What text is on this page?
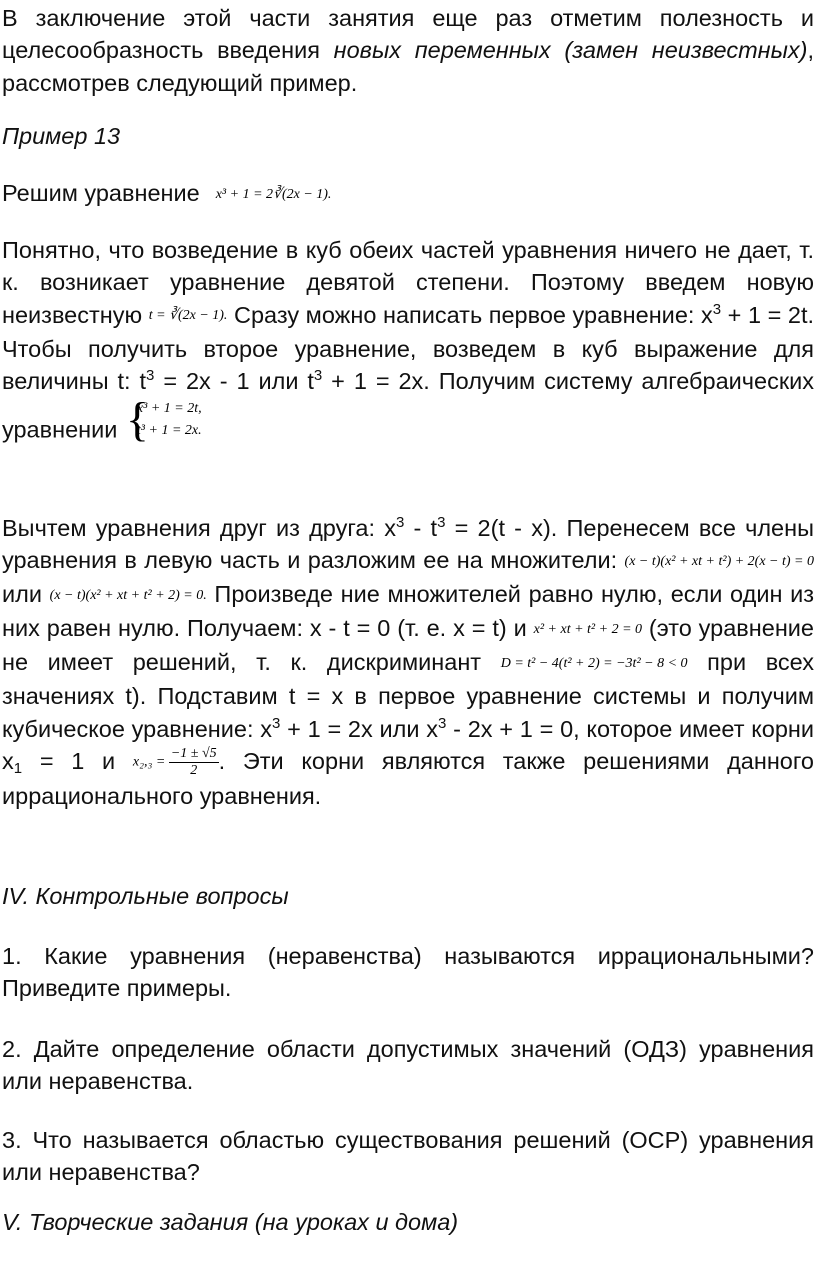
В заключение этой части занятия еще раз отметим полезность и целесообразность введения новых переменных (замен неизвестных), рассмотрев следующий пример.

Пример 13

Решим уравнение x³ + 1 = 2∛(2x − 1).

Понятно, что возведение в куб обеих частей уравнения ничего не дает, т. к. возникает уравнение девятой степени. Поэтому введем новую неизвестную t = ∛(2x − 1). Сразу можно написать первое уравнение: $x^3 + 1 = 2t$. Чтобы получить второе уравнение, возведем в куб выражение для величины t: $t^3 = 2x - 1$ или $t^3 + 1 = 2x$. Получим систему алгебраических уравнении {
x³ + 1 = 2t,
t³ + 1 = 2x.

Вычтем уравнения друг из друга: $x^3 - t^3 = 2(t - x)$. Перенесем все члены уравнения в левую часть и разложим ее на множители: (x − t)(x² + xt + t²) + 2(x − t) = 0 или (x − t)(x² + xt + t² + 2) = 0. Произведе ние множителей равно нулю, если один из них равен нулю. Получаем: x - t = 0 (т. е. x = t) и x² + xt + t² + 2 = 0 (это уравнение не имеет решений, т. к. дискриминант D = t² − 4(t² + 2) = −3t² − 8 < 0 при всех значениях t). Подставим t = x в первое уравнение системы и получим кубическое уравнение: $x^3 + 1 = 2x$ или $x^3 - 2x + 1 = 0$, которое имеет корни $x_1 = 1$ и $x_2,_3 = \frac{-1 \pm √5}{2}$ . Эти корни являются также решениями данного иррационального уравнения.

IV. Контрольные вопросы

1. Какие уравнения (неравенства) называются иррациональными? Приведите примеры.

2. Дайте определение области допустимых значений (ОДЗ) уравнения или неравенства.

3. Что называется областью существования решений (ОСР) уравнения или неравенства?

V. Творческие задания (на уроках и дома)
